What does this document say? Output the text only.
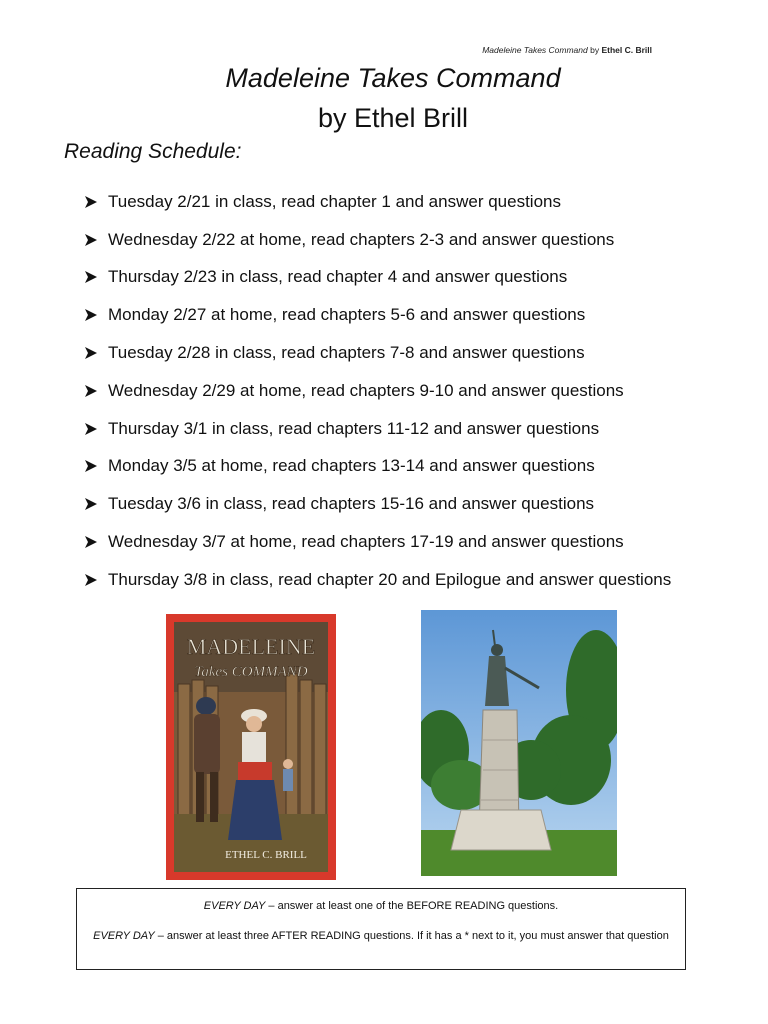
Madeleine Takes Command by Ethel C. Brill
Madeleine Takes Command
by Ethel Brill
Reading Schedule:
Tuesday 2/21 in class, read chapter 1 and answer questions
Wednesday 2/22 at home, read chapters 2-3 and answer questions
Thursday 2/23 in class, read chapter 4 and answer questions
Monday 2/27 at home, read chapters 5-6 and answer questions
Tuesday 2/28 in class, read chapters 7-8 and answer questions
Wednesday 2/29 at home, read chapters 9-10 and answer questions
Thursday 3/1 in class, read chapters 11-12 and answer questions
Monday 3/5 at home, read chapters 13-14 and answer questions
Tuesday 3/6 in class, read chapters 15-16 and answer questions
Wednesday 3/7 at home, read chapters 17-19 and answer questions
Thursday 3/8 in class, read chapter 20 and Epilogue and answer questions
MADELEINE
Takes COMMAND
ETHEL C. BRILL

EVERY DAY – answer at least one of the BEFORE READING questions.

EVERY DAY – answer at least three AFTER READING questions. If it has a * next to it, you must answer that question
